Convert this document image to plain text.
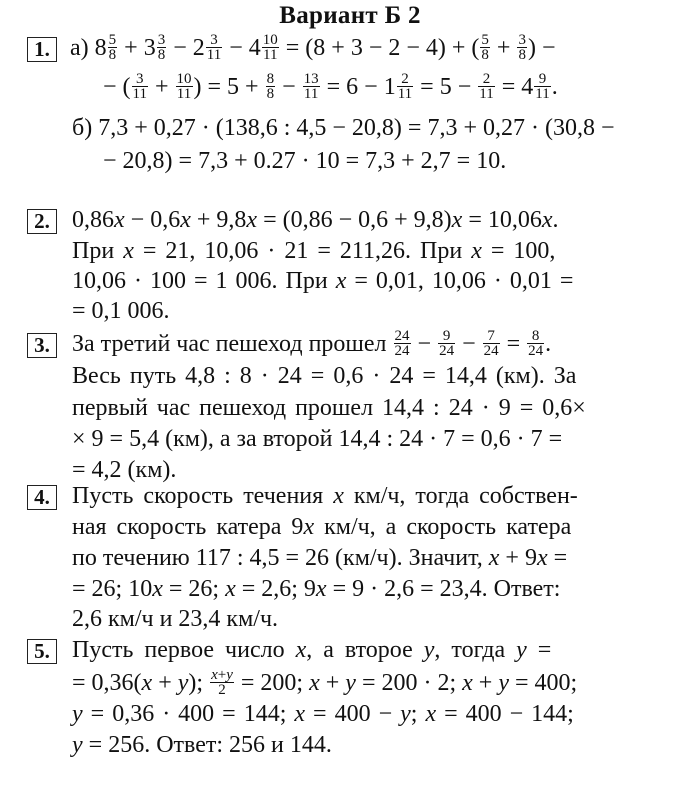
Вариант Б 2
1. а) $8 \frac{5}{8} + 3 \frac{3}{8} - 2 \frac{3}{11} - 4 \frac{10}{11} = (8 + 3 - 2 - 4)$ + ( $\frac{5}{8} + \frac{3}{8}$ ) −
− ( $\frac{3}{11} + \frac{10}{11}$ ) = $5 + \frac{8}{8} - \frac{13}{11} = 6 - 1 \frac{2}{11} = 5 - \frac{2}{11} = 4 \frac{9}{11}$ .
б) 7,3 + 0,27 · (138,6 : 4,5 − 20,8) = 7,3 + 0,27 · (30,8 −
− 20,8) = 7,3 + 0.27 · 10 = 7,3 + 2,7 = 10.
2. 0,86x − 0,6x + 9,8x = (0,86 − 0,6 + 9,8)x = 10,06x.
При x = 21, 10,06 · 21 = 211,26. При x = 100,
10,06 · 100 = 1 006. При x = 0,01, 10,06 · 0,01 =
= 0,1 006.
3. За третий час пешеход прошел $\frac{24}{24} - \frac{9}{24} - \frac{7}{24} = \frac{8}{24}$ .
Весь путь 4,8 : 8 · 24 = 0,6 · 24 = 14,4 (км). За
первый час пешеход прошел 14,4 : 24 · 9 = 0,6×
× 9 = 5,4 (км), а за второй 14,4 : 24 · 7 = 0,6 · 7 =
= 4,2 (км).
4. Пусть скорость течения x км/ч, тогда собствен-
ная скорость катера 9x км/ч, а скорость катера
по течению 117 : 4,5 = 26 (км/ч). Значит, x + 9x =
= 26; 10x = 26; x = 2,6; 9x = 9 · 2,6 = 23,4. Ответ:
2,6 км/ч и 23,4 км/ч.
5. Пусть первое число x, а второе y, тогда y =
= 0,36(x + y); $\frac{x+y}{2} = 200$; x + y = 200 · 2; x + y = 400;
y = 0,36 · 400 = 144; x = 400 − y; x = 400 − 144;
y = 256. Ответ: 256 и 144.
